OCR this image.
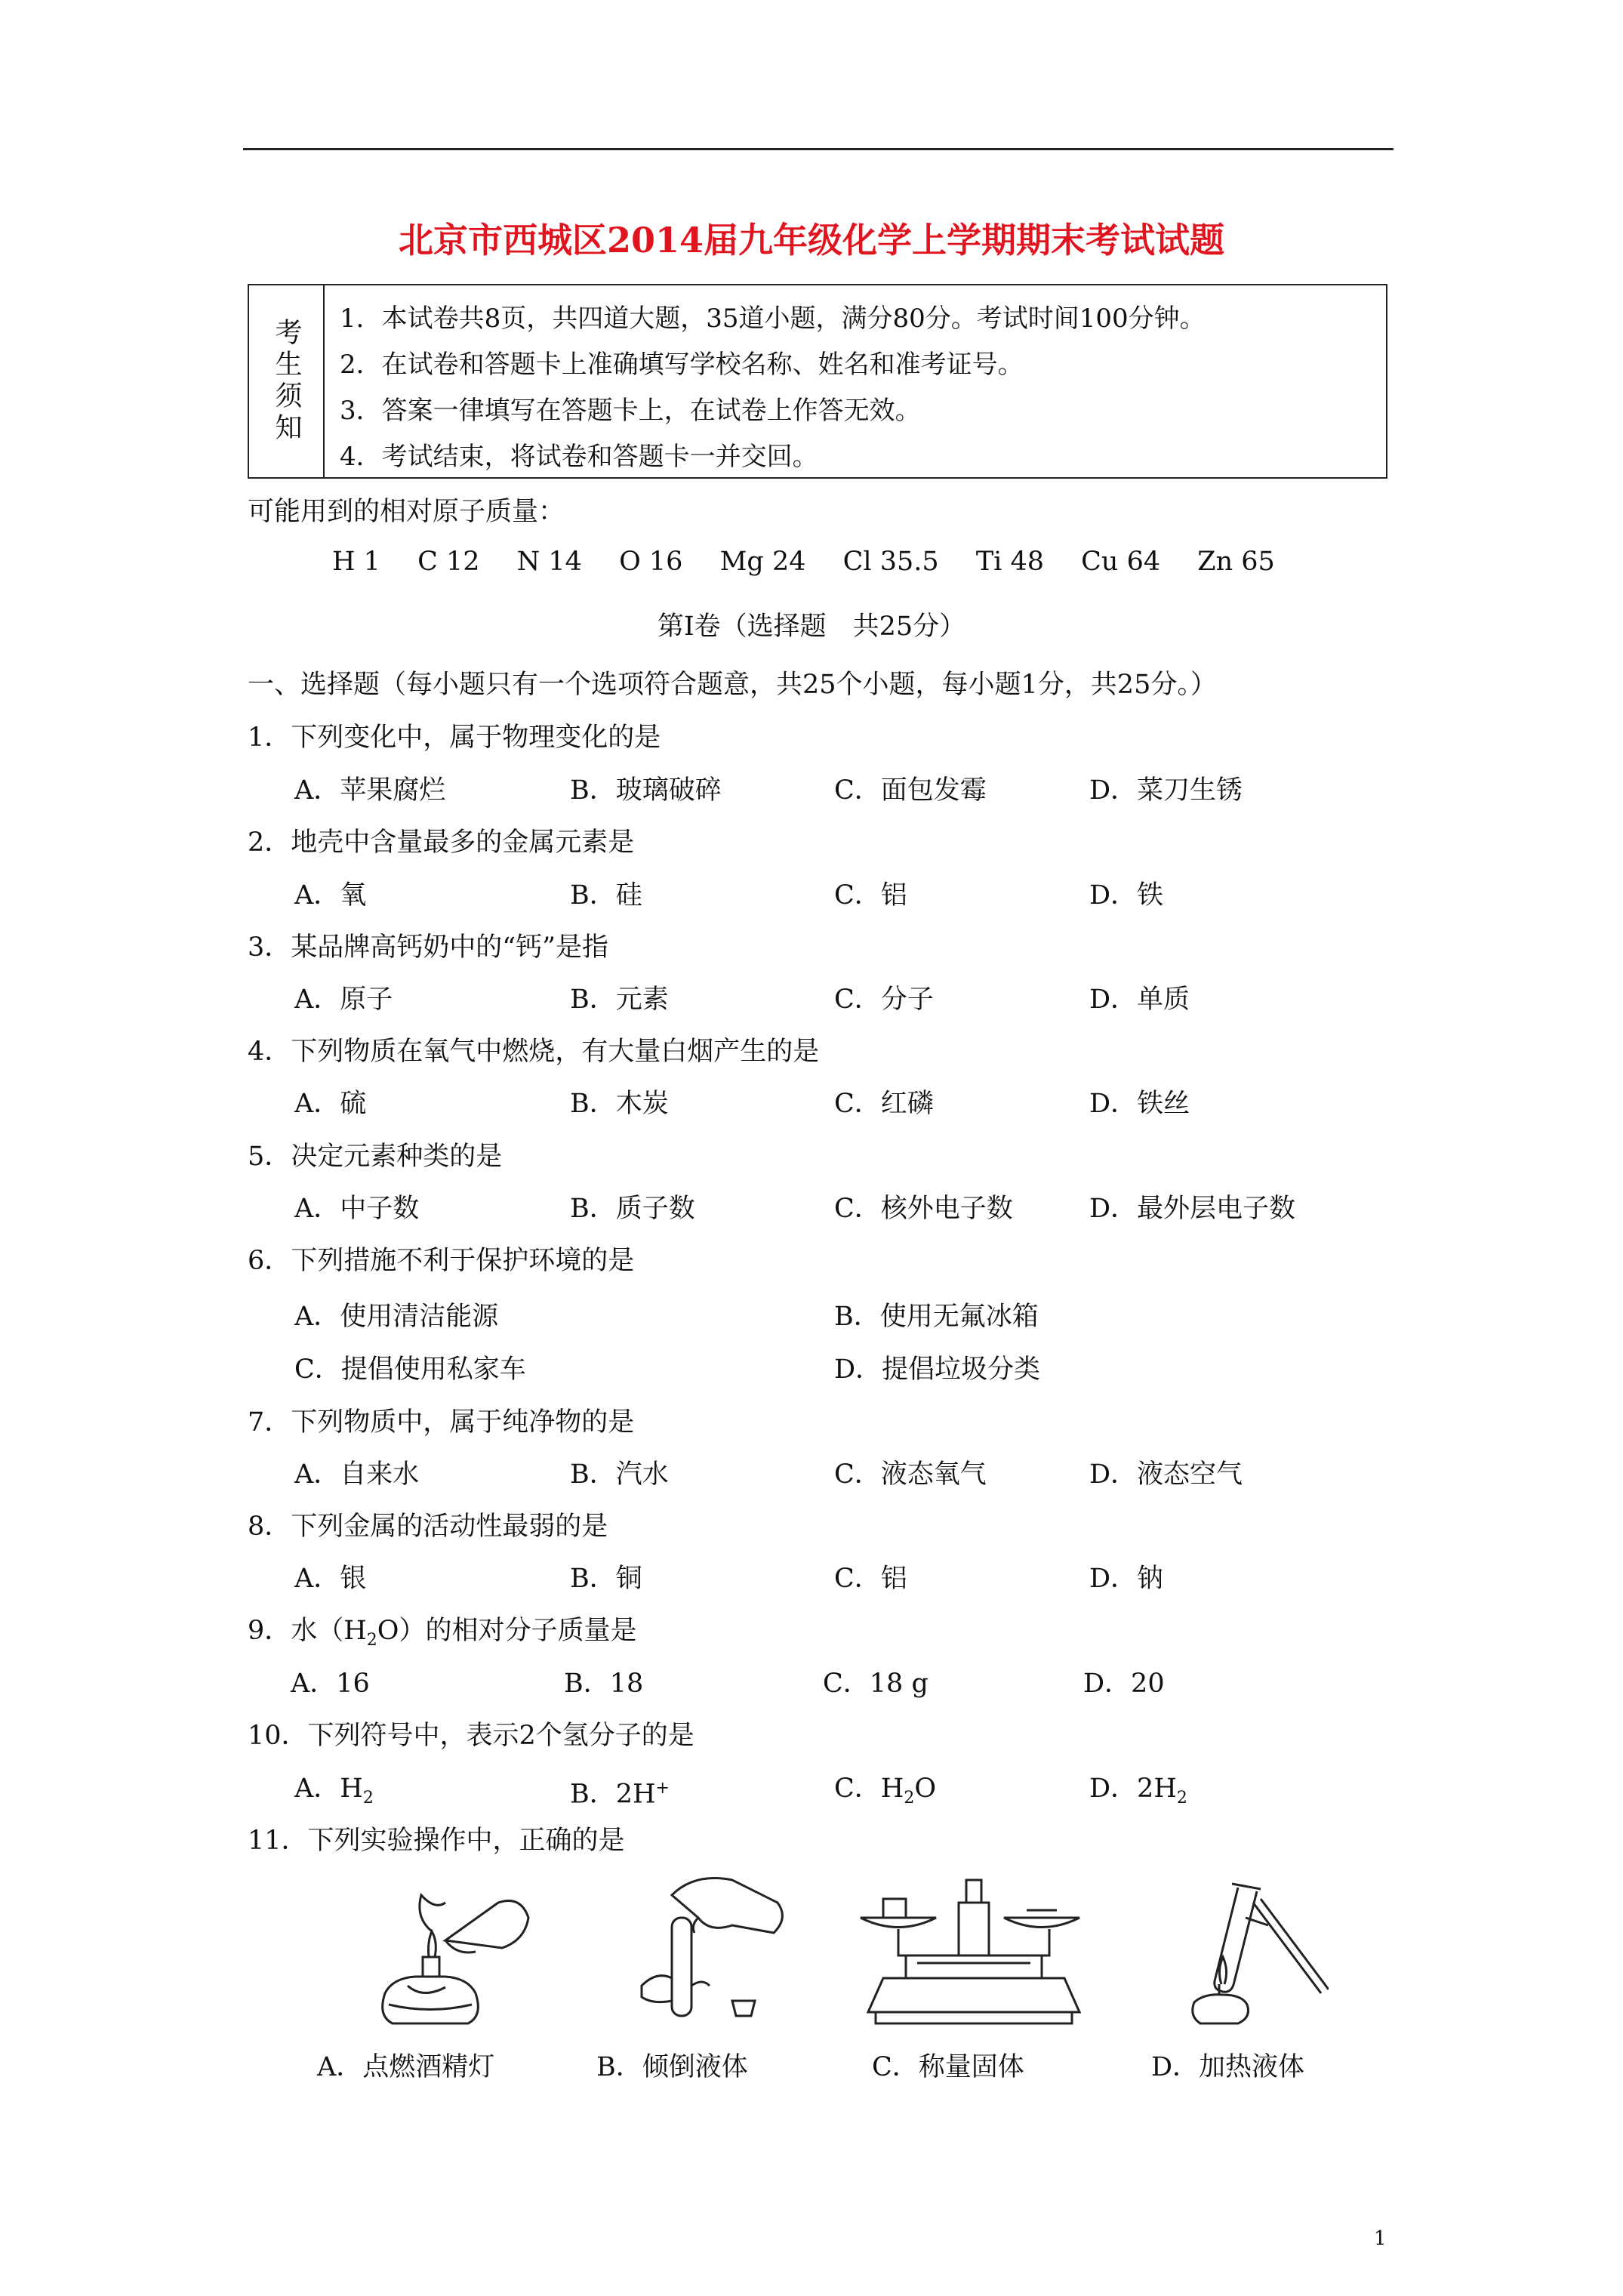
北京市西城区2014届九年级化学上学期期末考试试题
考生须知 1．本试卷共8页，共四道大题，35道小题，满分80分。考试时间100分钟。
2．在试卷和答题卡上准确填写学校名称、姓名和准考证号。
3．答案一律填写在答题卡上，在试卷上作答无效。
4．考试结束，将试卷和答题卡一并交回。
可能用到的相对原子质量：
H 1 C 12 N 14 O 16 Mg 24 Cl 35.5 Ti 48 Cu 64 Zn 65
第Ⅰ卷（选择题　共25分）
一、选择题（每小题只有一个选项符合题意，共25个小题，每小题1分，共25分。）
1．下列变化中，属于物理变化的是
A．苹果腐烂	B．玻璃破碎	C．面包发霉	D．菜刀生锈
2．地壳中含量最多的金属元素是
A．氧	B．硅	C．铝	D．铁
3．某品牌高钙奶中的“钙”是指
A．原子	B．元素	C．分子	D．单质
4．下列物质在氧气中燃烧，有大量白烟产生的是
A．硫	B．木炭	C．红磷	D．铁丝
5．决定元素种类的是
A．中子数	B．质子数	C．核外电子数	D．最外层电子数
6．下列措施不利于保护环境的是
A．使用清洁能源	B．使用无氟冰箱
C．提倡使用私家车	D．提倡垃圾分类
7．下列物质中，属于纯净物的是
A．自来水	B．汽水	C．液态氧气	D．液态空气
8．下列金属的活动性最弱的是
A．银	B．铜	C．铝	D．钠
9．水$(H_2O)$的相对分子质量是
A．16	B．18	C．18 g	D．20
10．下列符号中，表示2个氢分子的是
A．$H_2$	B．2H+	C．$H_2O$	D．$2H_2$
11．下列实验操作中，正确的是
A．点燃酒精灯	B．倾倒液体	C．称量固体	D．加热液体
1
